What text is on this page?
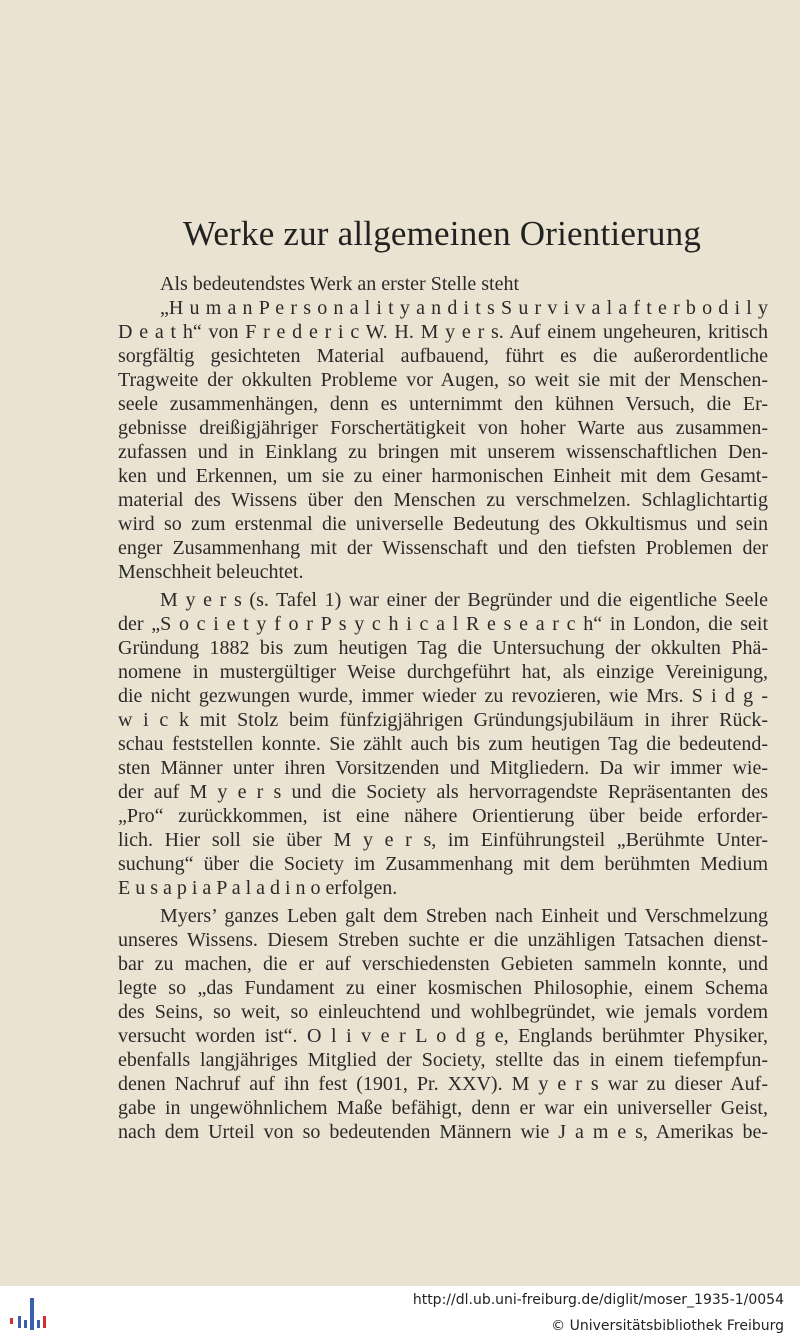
Werke zur allgemeinen Orientierung
Als bedeutendstes Werk an erster Stelle steht
„H u m a n P e r s o n a l i t y a n d i t s S u r v i v a l a f t e r b o d i l y
D e a t h“ von F r e d e r i c W. H. M y e r s. Auf einem ungeheuren, kritisch
sorgfältig gesichteten Material aufbauend, führt es die außerordentliche
Tragweite der okkulten Probleme vor Augen, so weit sie mit der Menschen-
seele zusammenhängen, denn es unternimmt den kühnen Versuch, die Er-
gebnisse dreißigjähriger Forschertätigkeit von hoher Warte aus zusammen-
zufassen und in Einklang zu bringen mit unserem wissenschaftlichen Den-
ken und Erkennen, um sie zu einer harmonischen Einheit mit dem Gesamt-
material des Wissens über den Menschen zu verschmelzen. Schlaglichtartig
wird so zum erstenmal die universelle Bedeutung des Okkultismus und sein
enger Zusammenhang mit der Wissenschaft und den tiefsten Problemen der
Menschheit beleuchtet.
M y e r s (s. Tafel 1) war einer der Begründer und die eigentliche Seele
der „S o c i e t y f o r P s y c h i c a l R e s e a r c h“ in London, die seit
Gründung 1882 bis zum heutigen Tag die Untersuchung der okkulten Phä-
nomene in mustergültiger Weise durchgeführt hat, als einzige Vereinigung,
die nicht gezwungen wurde, immer wieder zu revozieren, wie Mrs. S i d g -
w i c k mit Stolz beim fünfzigjährigen Gründungsjubiläum in ihrer Rück-
schau feststellen konnte. Sie zählt auch bis zum heutigen Tag die bedeutend-
sten Männer unter ihren Vorsitzenden und Mitgliedern. Da wir immer wie-
der auf M y e r s und die Society als hervorragendste Repräsentanten des
„Pro“ zurückkommen, ist eine nähere Orientierung über beide erforder-
lich. Hier soll sie über M y e r s, im Einführungsteil „Berühmte Unter-
suchung“ über die Society im Zusammenhang mit dem berühmten Medium
E u s a p i a P a l a d i n o erfolgen.
Myers’ ganzes Leben galt dem Streben nach Einheit und Verschmelzung
unseres Wissens. Diesem Streben suchte er die unzähligen Tatsachen dienst-
bar zu machen, die er auf verschiedensten Gebieten sammeln konnte, und
legte so „das Fundament zu einer kosmischen Philosophie, einem Schema
des Seins, so weit, so einleuchtend und wohlbegründet, wie jemals vordem
versucht worden ist“. O l i v e r L o d g e, Englands berühmter Physiker,
ebenfalls langjähriges Mitglied der Society, stellte das in einem tiefempfun-
denen Nachruf auf ihn fest (1901, Pr. XXV). M y e r s war zu dieser Auf-
gabe in ungewöhnlichem Maße befähigt, denn er war ein universeller Geist,
nach dem Urteil von so bedeutenden Männern wie J a m e s, Amerikas be-
http://dl.ub.uni-freiburg.de/diglit/moser_1935-1/0054
© Universitätsbibliothek Freiburg
